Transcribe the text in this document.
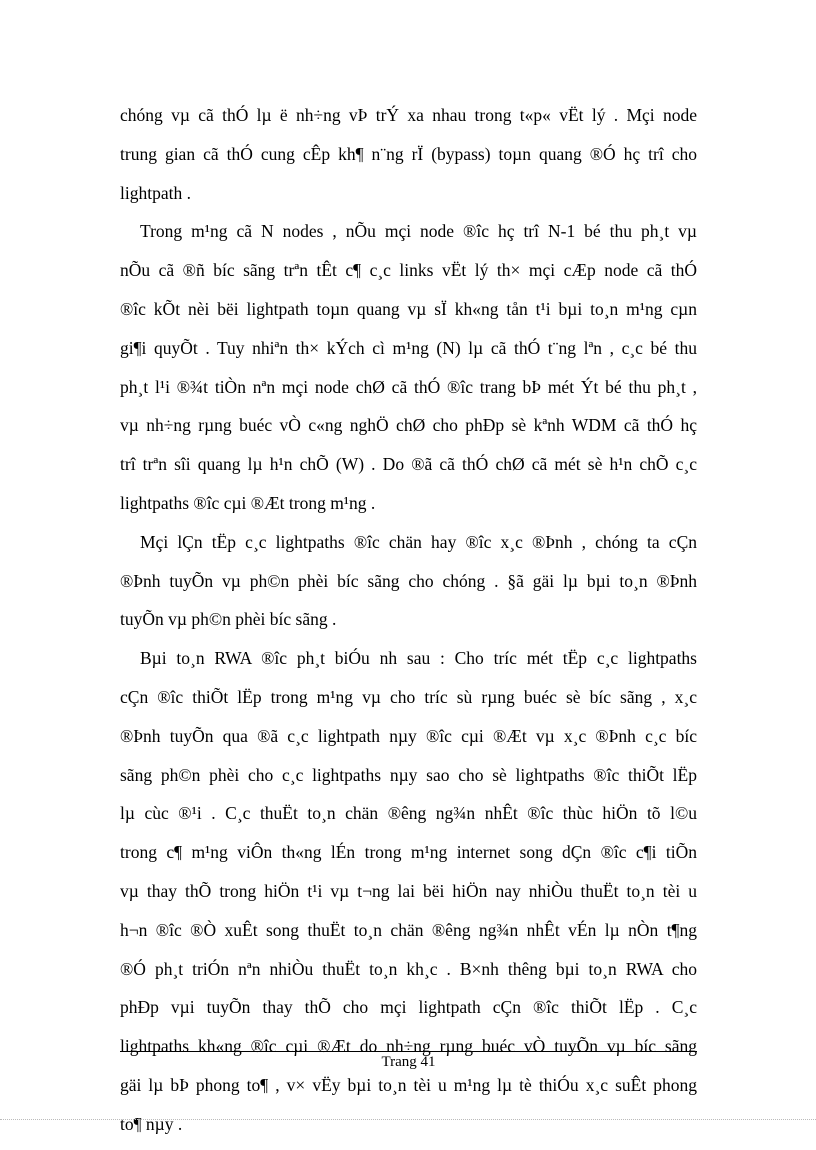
chóng vµ cã thÓ lµ ë nh÷ng vÞ trÝ xa nhau trong t«p« vËt lý . Mçi node
trung gian cã thÓ cung cÊp kh¶ n¨ng rÏ (bypass) toµn quang ®Ó hç trî cho
lightpath .
Trong m¹ng cã N nodes , nÕu mçi node ®îc hç trî N-1 bé thu ph¸t vµ
nÕu cã ®ñ bíc sãng trªn tÊt c¶ c¸c links vËt lý th× mçi cÆp node cã thÓ
®îc kÕt nèi bëi lightpath toµn quang vµ sÏ kh«ng tån t¹i bµi to¸n m¹ng cµn
gi¶i quyÕt . Tuy nhiªn th× kÝch cì m¹ng (N) lµ cã thÓ t¨ng lªn , c¸c bé thu
ph¸t l¹i ®¾t tiÒn nªn mçi node chØ cã thÓ ®îc trang bÞ mét Ýt bé thu ph¸t ,
vµ nh÷ng rµng buéc vÒ c«ng nghÖ chØ cho phÐp sè kªnh WDM cã thÓ hç
trî trªn sîi quang lµ h¹n chÕ (W) . Do ®ã cã thÓ chØ cã mét sè h¹n chÕ c¸c
lightpaths ®îc cµi ®Æt trong m¹ng .
Mçi lÇn tËp c¸c lightpaths ®îc chän hay ®îc x¸c ®Þnh , chóng ta cÇn
®Þnh tuyÕn vµ ph©n phèi bíc sãng cho chóng . §ã gäi lµ bµi to¸n ®Þnh
tuyÕn vµ ph©n phèi bíc sãng .
Bµi to¸n RWA ®îc ph¸t biÓu nh sau : Cho tríc mét tËp c¸c lightpaths
cÇn ®îc thiÕt lËp trong m¹ng vµ cho tríc sù rµng buéc sè bíc sãng , x¸c
®Þnh tuyÕn qua ®ã c¸c lightpath nµy ®îc cµi ®Æt vµ x¸c ®Þnh c¸c bíc
sãng ph©n phèi cho c¸c lightpaths nµy sao cho sè lightpaths ®îc thiÕt lËp
lµ cùc ®¹i . C¸c thuËt to¸n chän ®êng ng¾n nhÊt ®îc thùc hiÖn tõ l©u
trong c¶ m¹ng viÔn th«ng lÉn trong m¹ng internet song dÇn ®îc c¶i tiÕn
vµ thay thÕ trong hiÖn t¹i vµ t¬ng lai bëi hiÖn nay nhiÒu thuËt to¸n tèi u
h¬n ®îc ®Ò xuÊt song thuËt to¸n chän ®êng ng¾n nhÊt vÉn lµ nÒn t¶ng
®Ó ph¸t triÓn nªn nhiÒu thuËt to¸n kh¸c . B×nh thêng bµi to¸n RWA cho
phÐp vµi tuyÕn thay thÕ cho mçi lightpath cÇn ®îc thiÕt lËp . C¸c
lightpaths kh«ng ®îc cµi ®Æt do nh÷ng rµng buéc vÒ tuyÕn vµ bíc sãng
gäi lµ bÞ phong to¶ , v× vËy bµi to¸n tèi u m¹ng lµ tè thiÓu x¸c suÊt phong
to¶ nµy .
Trang 41
